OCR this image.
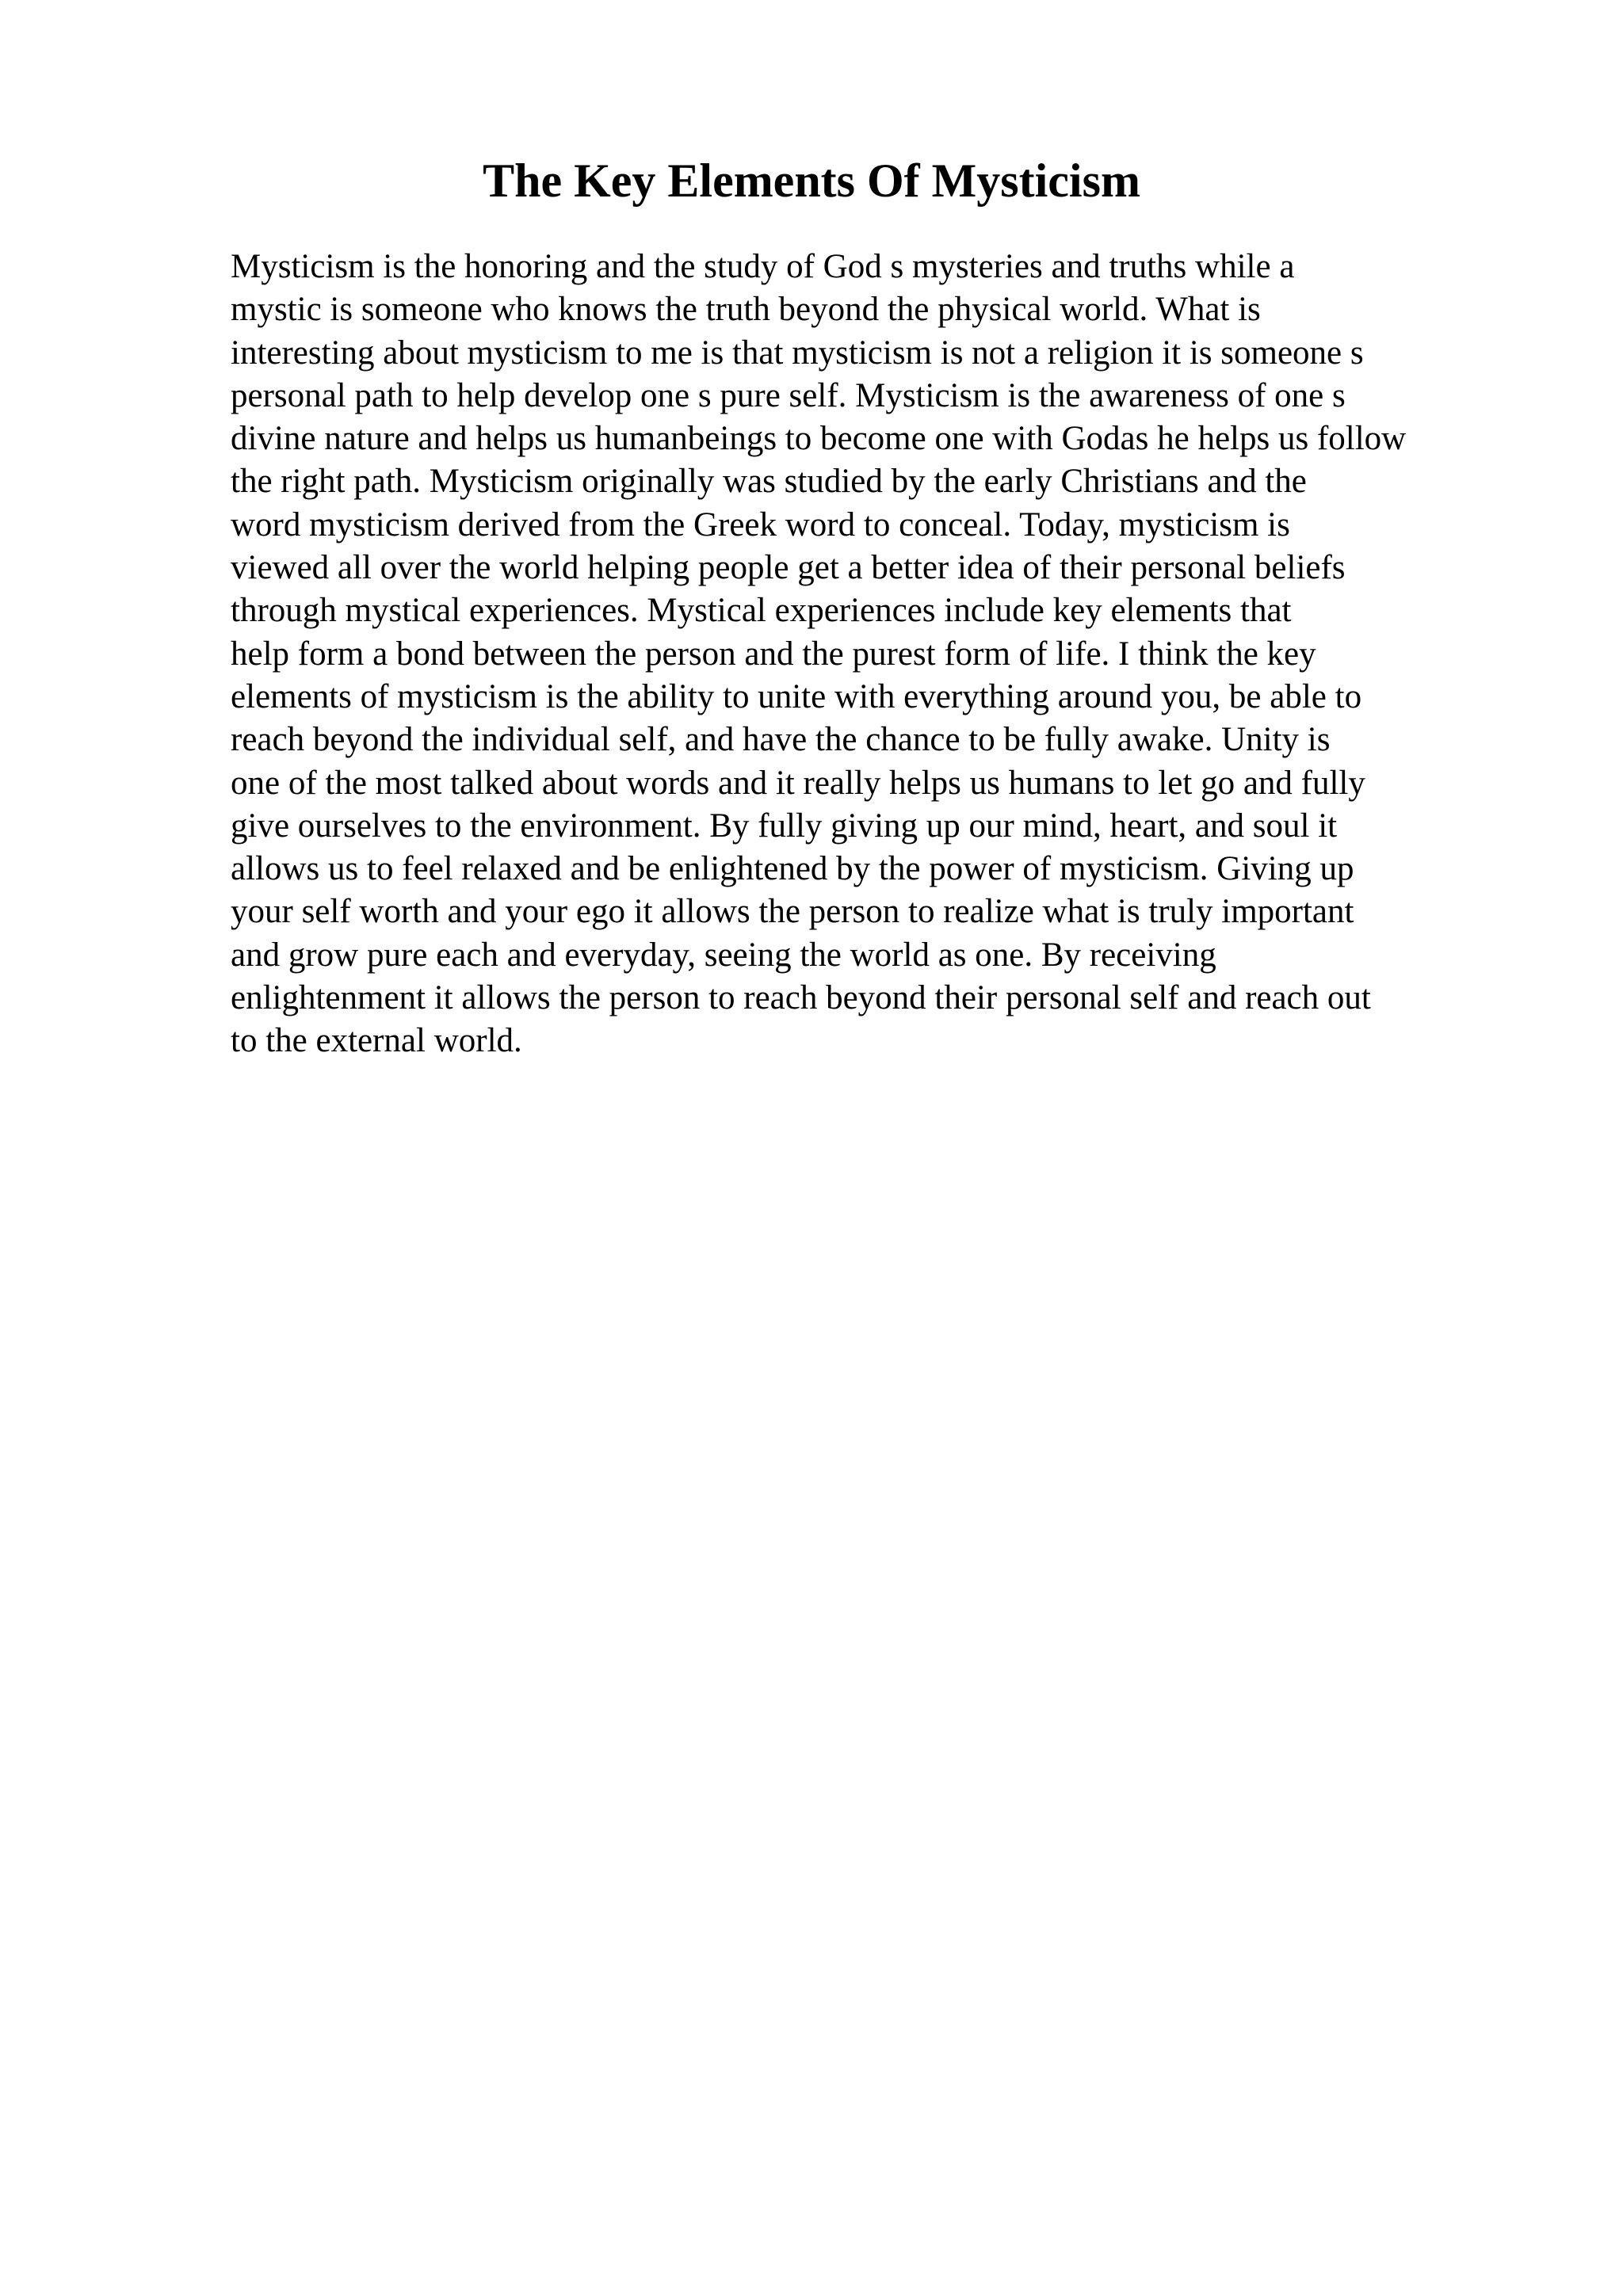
The Key Elements Of Mysticism
Mysticism is the honoring and the study of God s mysteries and truths while a
mystic is someone who knows the truth beyond the physical world. What is
interesting about mysticism to me is that mysticism is not a religion it is someone s
personal path to help develop one s pure self. Mysticism is the awareness of one s
divine nature and helps us humanbeings to become one with Godas he helps us follow
the right path. Mysticism originally was studied by the early Christians and the
word mysticism derived from the Greek word to conceal. Today, mysticism is
viewed all over the world helping people get a better idea of their personal beliefs
through mystical experiences. Mystical experiences include key elements that
help form a bond between the person and the purest form of life. I think the key
elements of mysticism is the ability to unite with everything around you, be able to
reach beyond the individual self, and have the chance to be fully awake. Unity is
one of the most talked about words and it really helps us humans to let go and fully
give ourselves to the environment. By fully giving up our mind, heart, and soul it
allows us to feel relaxed and be enlightened by the power of mysticism. Giving up
your self worth and your ego it allows the person to realize what is truly important
and grow pure each and everyday, seeing the world as one. By receiving
enlightenment it allows the person to reach beyond their personal self and reach out
to the external world.
